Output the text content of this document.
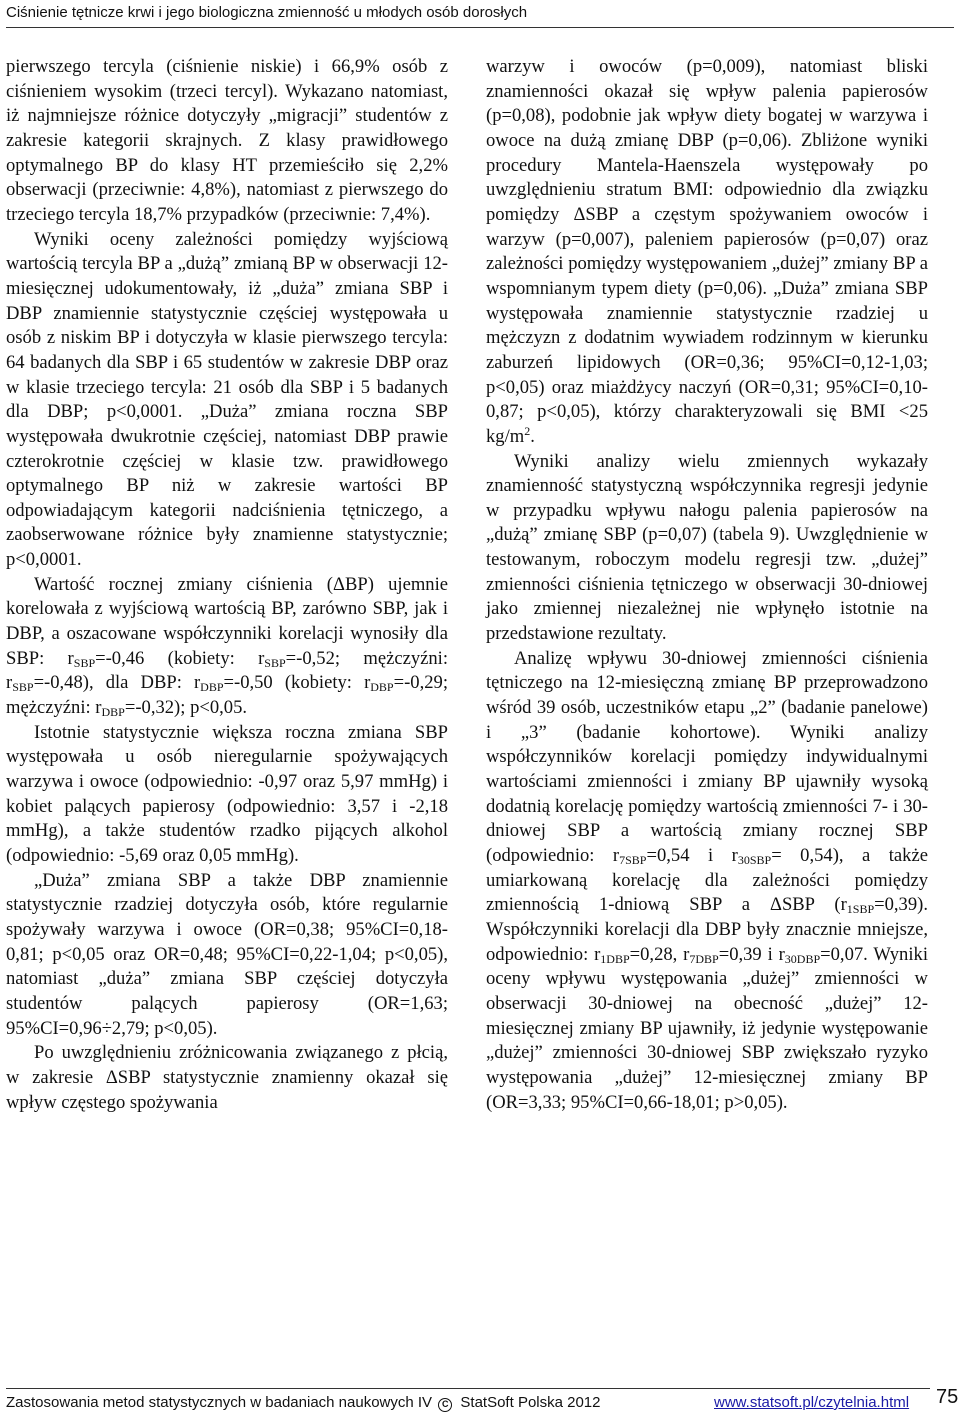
Ciśnienie tętnicze krwi i jego biologiczna zmienność u młodych osób dorosłych

pierwszego tercyla (ciśnienie niskie) i 66,9% osób z ciśnieniem wysokim (trzeci tercyl). Wykazano natomiast, iż najmniejsze różnice dotyczyły „migracji” studentów z zakresie kategorii skrajnych. Z klasy prawidłowego optymalnego BP do klasy HT przemieściło się 2,2% obserwacji (przeciwnie: 4,8%), natomiast z pierwszego do trzeciego tercyla 18,7% przypadków (przeciwnie: 7,4%).

Wyniki oceny zależności pomiędzy wyjściową wartością tercyla BP a „dużą” zmianą BP w obserwacji 12-miesięcznej udokumentowały, iż „duża” zmiana SBP i DBP znamiennie statystycznie częściej występowała u osób z niskim BP i dotyczyła w klasie pierwszego tercyla: 64 badanych dla SBP i 65 studentów w zakresie DBP oraz w klasie trzeciego tercyla: 21 osób dla SBP i 5 badanych dla DBP; p<0,0001. „Duża” zmiana roczna SBP występowała dwukrotnie częściej, natomiast DBP prawie czterokrotnie częściej w klasie tzw. prawidłowego optymalnego BP niż w zakresie wartości BP odpowiadającym kategorii nadciśnienia tętniczego, a zaobserwowane różnice były znamienne statystycznie; p<0,0001.

Wartość rocznej zmiany ciśnienia (ΔBP) ujemnie korelowała z wyjściową wartością BP, zarówno SBP, jak i DBP, a oszacowane współczynniki korelacji wynosiły dla SBP: $r_{SBP}=-0,46$ (kobiety: $r_{SBP}=-0,52$; mężczyźni: $r_{SBP}=-0,48$), dla DBP: $r_{DBP}=-0,50$ (kobiety: $r_{DBP}=-0,29$; mężczyźni: $r_{DBP}=-0,32$); p<0,05.

Istotnie statystycznie większa roczna zmiana SBP występowała u osób nieregularnie spożywających warzywa i owoce (odpowiednio: -0,97 oraz 5,97 mmHg) i kobiet palących papierosy (odpowiednio: 3,57 i -2,18 mmHg), a także studentów rzadko pijących alkohol (odpowiednio: -5,69 oraz 0,05 mmHg).

„Duża” zmiana SBP a także DBP znamiennie statystycznie rzadziej dotyczyła osób, które regularnie spożywały warzywa i owoce (OR=0,38; 95%CI=0,18-0,81; p<0,05 oraz OR=0,48; 95%CI=0,22-1,04; p<0,05), natomiast „duża” zmiana SBP częściej dotyczyła studentów palących papierosy (OR=1,63; 95%CI=0,96÷2,79; p<0,05).

Po uwzględnieniu zróżnicowania związanego z płcią, w zakresie ΔSBP statystycznie znamienny okazał się wpływ częstego spożywania

warzyw i owoców (p=0,009), natomiast bliski znamienności okazał się wpływ palenia papierosów (p=0,08), podobnie jak wpływ diety bogatej w warzywa i owoce na dużą zmianę DBP (p=0,06). Zbliżone wyniki procedury Mantela-Haenszela występowały po uwzględnieniu stratum BMI: odpowiednio dla związku pomiędzy ΔSBP a częstym spożywaniem owoców i warzyw (p=0,007), paleniem papierosów (p=0,07) oraz zależności pomiędzy występowaniem „dużej” zmiany BP a wspomnianym typem diety (p=0,06). „Duża” zmiana SBP występowała znamiennie statystycznie rzadziej u mężczyzn z dodatnim wywiadem rodzinnym w kierunku zaburzeń lipidowych (OR=0,36; 95%CI=0,12-1,03; p<0,05) oraz miażdżycy naczyń (OR=0,31; 95%CI=0,10-0,87; p<0,05), którzy charakteryzowali się BMI <25 $kg/m^2$.

Wyniki analizy wielu zmiennych wykazały znamienność statystyczną współczynnika regresji jedynie w przypadku wpływu nałogu palenia papierosów na „dużą” zmianę SBP (p=0,07) (tabela 9). Uwzględnienie w testowanym, roboczym modelu regresji tzw. „dużej” zmienności ciśnienia tętniczego w obserwacji 30-dniowej jako zmiennej niezależnej nie wpłynęło istotnie na przedstawione rezultaty.

Analizę wpływu 30-dniowej zmienności ciśnienia tętniczego na 12-miesięczną zmianę BP przeprowadzono wśród 39 osób, uczestników etapu „2” (badanie panelowe) i „3” (badanie kohortowe). Wyniki analizy współczynników korelacji pomiędzy indywidualnymi wartościami zmienności i zmiany BP ujawniły wysoką dodatnią korelację pomiędzy wartością zmienności 7- i 30-dniowej SBP a wartością zmiany rocznej SBP (odpowiednio: $r_{7SBP}=0,54$ i $r_{30SBP}= 0,54$), a także umiarkowaną korelację dla zależności pomiędzy zmiennością 1-dniową SBP a ΔSBP $(r_{1SBP}=0,39)$. Współczynniki korelacji dla DBP były znacznie mniejsze, odpowiednio: $r_{1DBP}=0,28$, $r_{7DBP}=0,39$ i $r_{30DBP}=0,07$. Wyniki oceny wpływu występowania „dużej” zmienności w obserwacji 30-dniowej na obecność „dużej” 12-miesięcznej zmiany BP ujawniły, iż jedynie występowanie „dużej” zmienności 30-dniowej SBP zwiększało ryzyko występowania „dużej” 12-miesięcznej zmiany BP (OR=3,33; 95%CI=0,66-18,01; p>0,05).

Zastosowania metod statystycznych w badaniach naukowych IV C StatSoft Polska 2012	www.statsoft.pl/czytelnia.html 75
